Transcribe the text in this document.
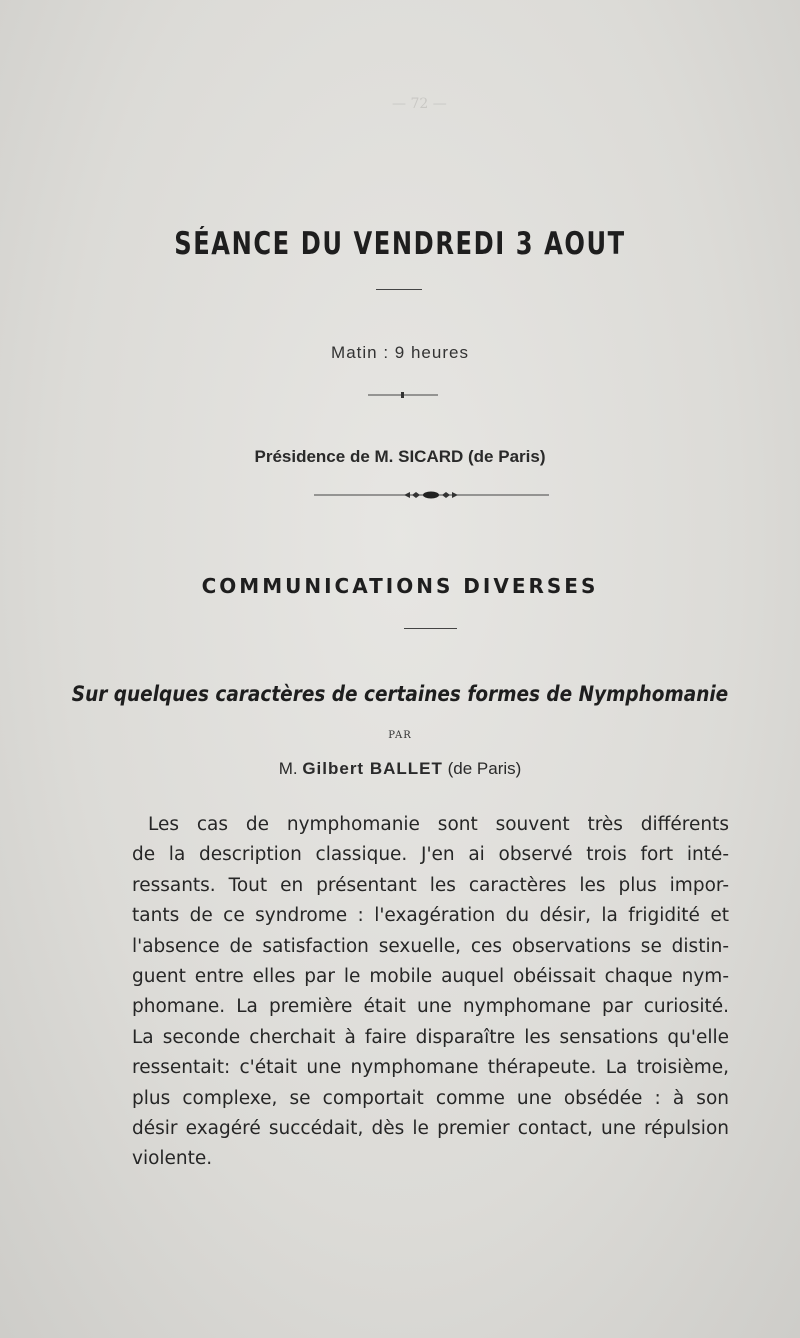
— 72 —
SÉANCE DU VENDREDI 3 AOUT
Matin : 9 heures
Présidence de M. SICARD (de Paris)
COMMUNICATIONS DIVERSES
Sur quelques caractères de certaines formes de Nymphomanie
PAR
M. Gilbert BALLET (de Paris)
Les cas de nymphomanie sont souvent très différents
de la description classique. J'en ai observé trois fort inté-
ressants. Tout en présentant les caractères les plus impor-
tants de ce syndrome : l'exagération du désir, la frigidité et
l'absence de satisfaction sexuelle, ces observations se distin-
guent entre elles par le mobile auquel obéissait chaque nym-
phomane. La première était une nymphomane par curiosité.
La seconde cherchait à faire disparaître les sensations qu'elle
ressentait: c'était une nymphomane thérapeute. La troisième,
plus complexe, se comportait comme une obsédée : à son
désir exagéré succédait, dès le premier contact, une répulsion
violente.
